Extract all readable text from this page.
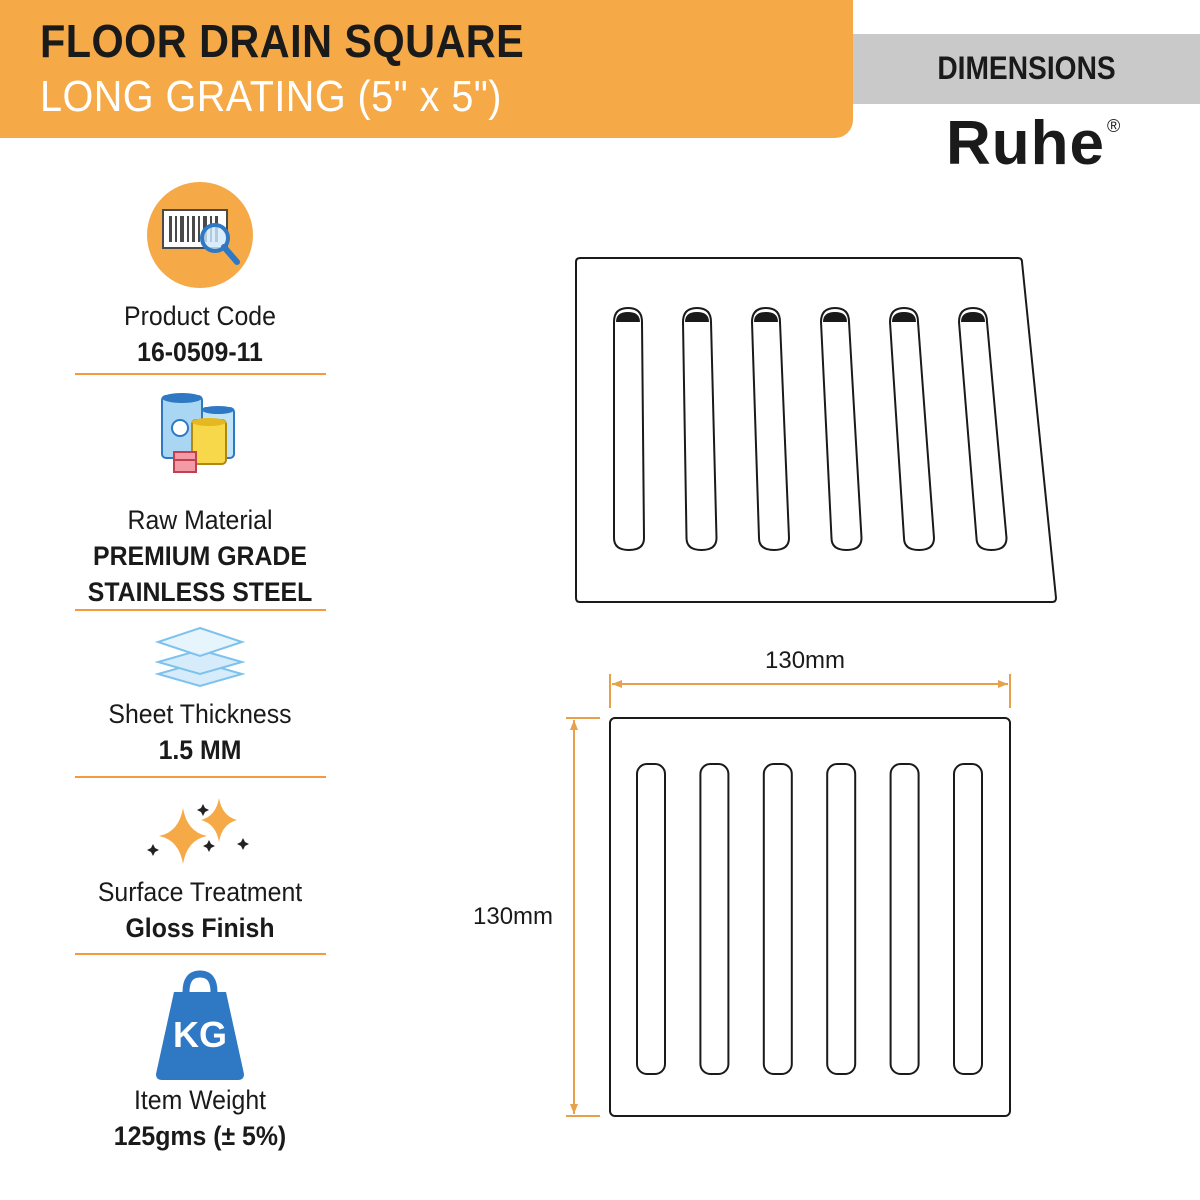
FLOOR DRAIN SQUARE
LONG GRATING (5" x 5")
DIMENSIONS
Ruhe ®
Product Code
16-0509-11
Raw Material
PREMIUM GRADE
STAINLESS STEEL
Sheet Thickness
1.5 MM
Surface Treatment
Gloss Finish
KG
Item Weight
125gms (± 5%)
130mm
130mm
